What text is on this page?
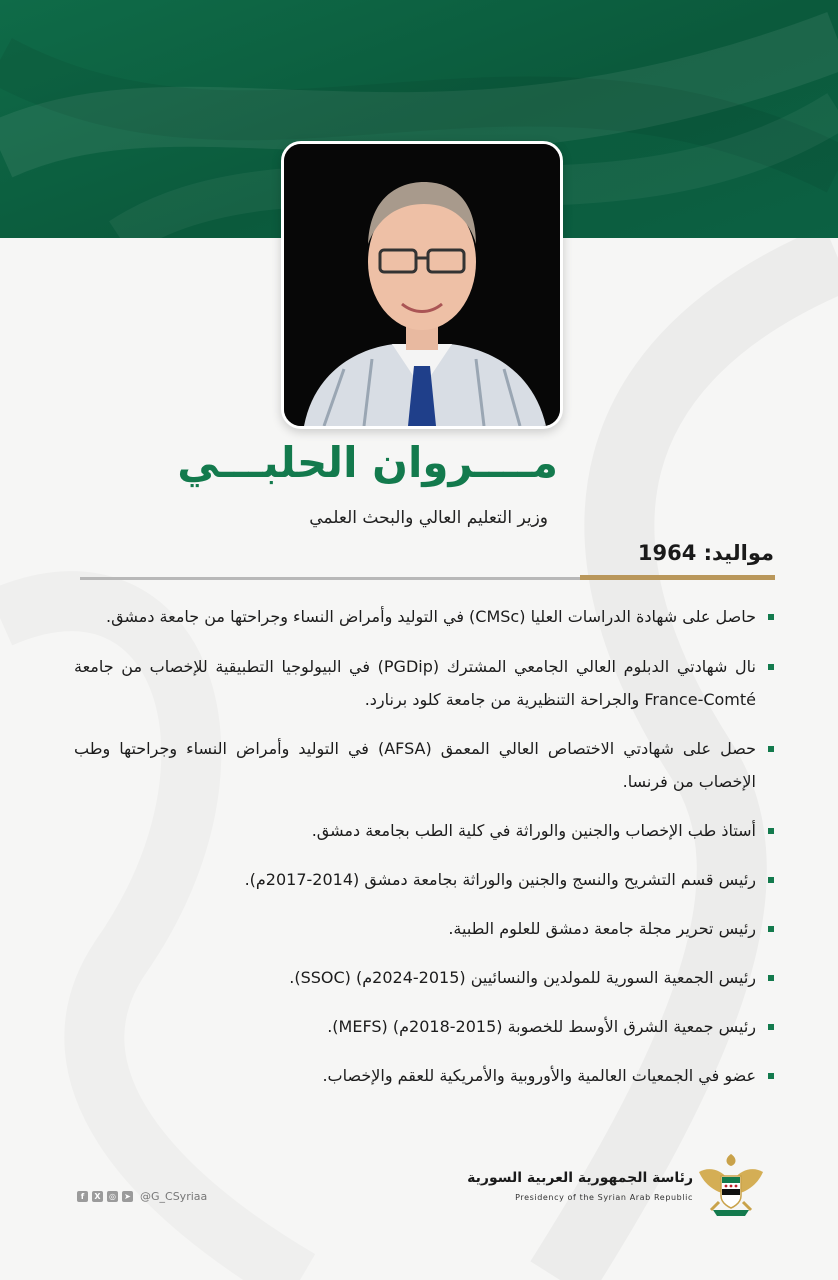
مــــروان الحلبـــي
وزير التعليم العالي والبحث العلمي
مواليد: 1964
حاصل على شهادة الدراسات العليا (CMSc) في التوليد وأمراض النساء وجراحتها من جامعة دمشق.
نال شهادتي الدبلوم العالي الجامعي المشترك (PGDip) في البيولوجيا التطبيقية للإخصاب من جامعة France-Comté والجراحة التنظيرية من جامعة كلود برنارد.
حصل على شهادتي الاختصاص العالي المعمق (AFSA) في التوليد وأمراض النساء وجراحتها وطب الإخصاب من فرنسا.
أستاذ طب الإخصاب والجنين والوراثة في كلية الطب بجامعة دمشق.
رئيس قسم التشريح والنسج والجنين والوراثة بجامعة دمشق (2014-2017م).
رئيس تحرير مجلة جامعة دمشق للعلوم الطبية.
رئيس الجمعية السورية للمولدين والنسائيين (2015-2024م) (SSOC).
رئيس جمعية الشرق الأوسط للخصوبة (2015-2018م) (MEFS).
عضو في الجمعيات العالمية والأوروبية والأمريكية للعقم والإخصاب.
f	X	◎ ➤ @G_CSyriaa
رئاسة الجمهورية العربية السورية
Presidency of the Syrian Arab Republic
